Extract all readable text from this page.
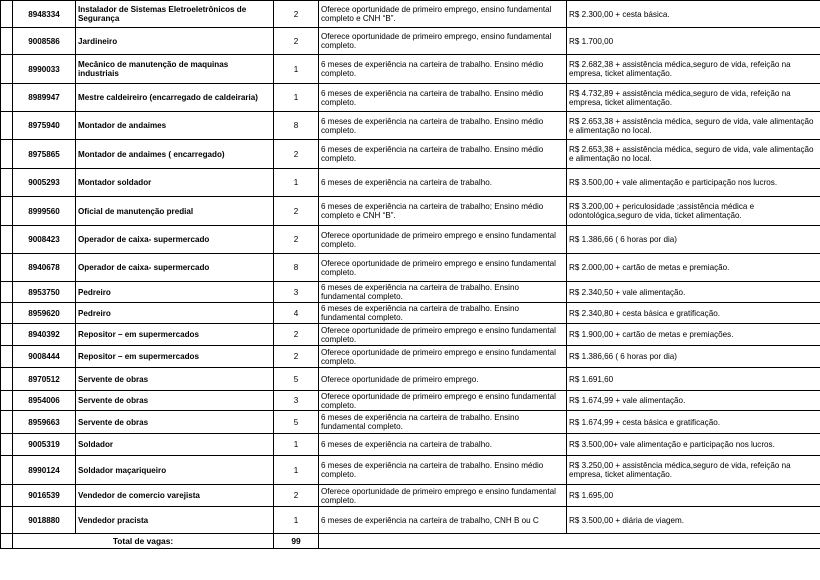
	8948334	Instalador de Sistemas Eletroeletrônicos de Segurança	2	Oferece oportunidade de primeiro emprego, ensino fundamental completo e CNH “B”.	R$ 2.300,00 + cesta básica.
	9008586	Jardineiro	2	Oferece oportunidade de primeiro emprego, ensino fundamental completo.	R$ 1.700,00
	8990033	Mecânico de manutenção de maquinas industriais	1	6 meses de experiência na carteira de trabalho. Ensino médio completo.	R$ 2.682,38 + assistência médica,seguro de vida, refeição na empresa, ticket alimentação.
	8989947	Mestre caldeireiro (encarregado de caldeiraria)	1	6 meses de experiência na carteira de trabalho. Ensino médio completo.	R$ 4.732,89 + assistência médica,seguro de vida, refeição na empresa, ticket alimentação.
	8975940	Montador de andaimes	8	6 meses de experiência na carteira de trabalho. Ensino médio completo.	R$ 2.653,38 + assistência médica, seguro de vida, vale alimentação e alimentação no local.
	8975865	Montador de andaimes ( encarregado)	2	6 meses de experiência na carteira de trabalho. Ensino médio completo.	R$ 2.653,38 + assistência médica, seguro de vida, vale alimentação e alimentação no local.
	9005293	Montador soldador	1	6 meses de experiência na carteira de trabalho.	R$ 3.500,00 + vale alimentação e participação nos lucros.
	8999560	Oficial de manutenção predial	2	6 meses de experiência na carteira de trabalho; Ensino médio completo e CNH “B”.	R$ 3.200,00 + periculosidade ;assistência médica e odontológica,seguro de vida, ticket alimentação.
	9008423	Operador de caixa- supermercado	2	Oferece oportunidade de primeiro emprego e ensino fundamental completo.	R$ 1.386,66 ( 6 horas por dia)
	8940678	Operador de caixa- supermercado	8	Oferece oportunidade de primeiro emprego e ensino fundamental completo.	R$ 2.000,00 + cartão de metas e premiação.
	8953750	Pedreiro	3	6 meses de experiência na carteira de trabalho. Ensino fundamental completo.	R$ 2.340,50 + vale alimentação.
	8959620	Pedreiro	4	6 meses de experiência na carteira de trabalho. Ensino fundamental completo.	R$ 2.340,80 + cesta básica e gratificação.
	8940392	Repositor – em supermercados	2	Oferece oportunidade de primeiro emprego e ensino fundamental completo.	R$ 1.900,00 + cartão de metas e premiações.
	9008444	Repositor – em supermercados	2	Oferece oportunidade de primeiro emprego e ensino fundamental completo.	R$ 1.386,66 ( 6 horas por dia)
	8970512	Servente de obras	5	Oferece oportunidade de primeiro emprego.	R$ 1.691,60
	8954006	Servente de obras	3	Oferece oportunidade de primeiro emprego e ensino fundamental completo.	R$ 1.674,99 + vale alimentação.
	8959663	Servente de obras	5	6 meses de experiência na carteira de trabalho. Ensino fundamental completo.	R$ 1.674,99 + cesta básica e gratificação.
	9005319	Soldador	1	6 meses de experiência na carteira de trabalho.	R$ 3.500,00+ vale alimentação e participação nos lucros.
	8990124	Soldador maçariqueiro	1	6 meses de experiência na carteira de trabalho. Ensino médio completo.	R$ 3.250,00 + assistência médica,seguro de vida, refeição na empresa, ticket alimentação.
	9016539	Vendedor de comercio varejista	2	Oferece oportunidade de primeiro emprego e ensino fundamental completo.	R$ 1.695,00
	9018880	Vendedor pracista	1	6 meses de experiência na carteira de trabalho, CNH B ou C	R$ 3.500,00 + diária de viagem.
	Total de vagas:		99		
